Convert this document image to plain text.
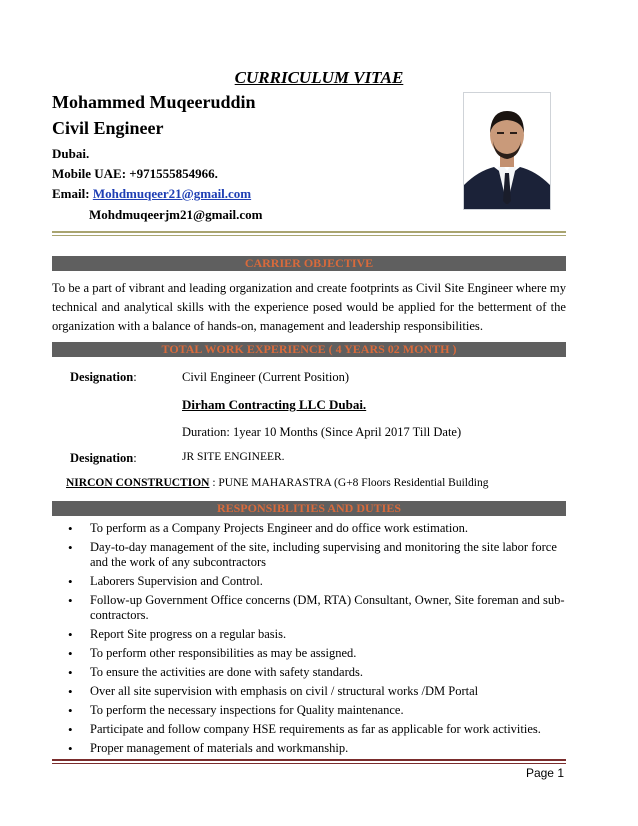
CURRICULUM VITAE
Mohammed Muqeeruddin
Civil Engineer
Dubai.
Mobile UAE: +971555854966.
Email: Mohdmuqeer21@gmail.com
Mohdmuqeerjm21@gmail.com
CARRIER OBJECTIVE
To be a part of vibrant and leading organization and create footprints as Civil Site Engineer where my technical and analytical skills with the experience posed would be applied for the betterment of the organization with a balance of hands-on, management and leadership responsibilities.
TOTAL WORK EXPERIENCE ( 4 YEARS 02 MONTH )
Designation:	Civil Engineer (Current Position)
Dirham Contracting LLC Dubai.
Duration: 1year 10 Months (Since April 2017 Till Date)
Designation:	JR SITE ENGINEER.
NIRCON CONSTRUCTION : PUNE MAHARASTRA (G+8 Floors Residential Building
RESPONSIBLITIES AND DUTIES
• To perform as a Company Projects Engineer and do office work estimation.
• Day-to-day management of the site, including supervising and monitoring the site labor force and the work of any subcontractors
• Laborers Supervision and Control.
• Follow-up Government Office concerns (DM, RTA) Consultant, Owner, Site foreman and sub-contractors.
• Report Site progress on a regular basis.
• To perform other responsibilities as may be assigned.
• To ensure the activities are done with safety standards.
• Over all site supervision with emphasis on civil / structural works /DM Portal
• To perform the necessary inspections for Quality maintenance.
• Participate and follow company HSE requirements as far as applicable for work activities.
• Proper management of materials and workmanship.
Page 1
